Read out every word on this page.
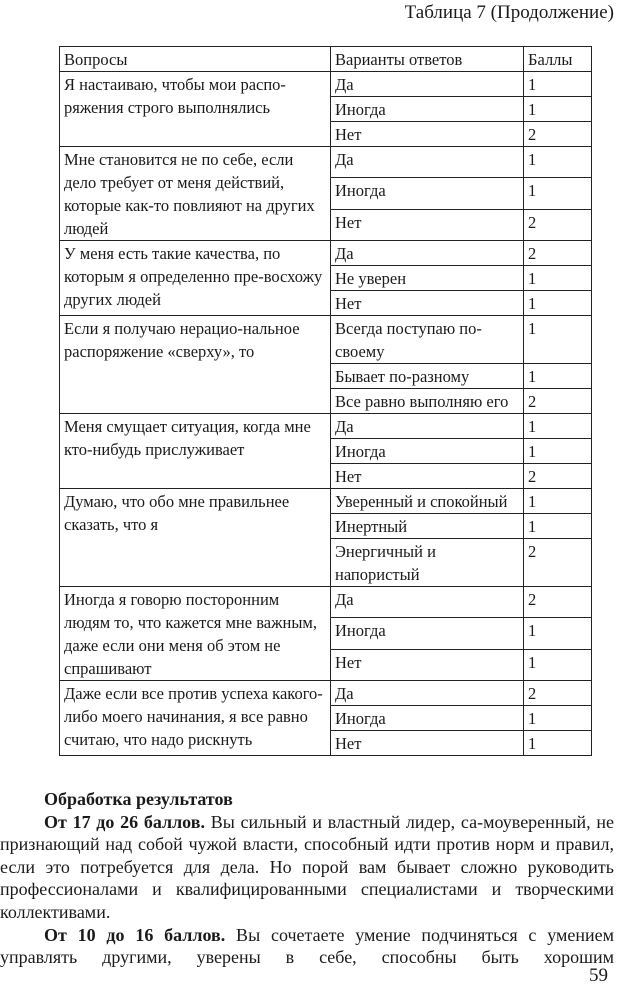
Таблица 7 (Продолжение)
Вопросы	Варианты ответов	Баллы
Я настаиваю, чтобы мои распо-ряжения строго выполнялись	Да	1
	Иногда	1
	Нет	2
Мне становится не по себе, если дело требует от меня действий, которые как-то повлияют на других людей	Да	1
	Иногда	1
	Нет	2
У меня есть такие качества, по которым я определенно пре-восхожу других людей	Да	2
	Не уверен	1
	Нет	1
Если я получаю нерацио-нальное распоряжение «сверху», то	Всегда поступаю по-своему	1
	Бывает по-разному	1
	Все равно выполняю его	2
Меня смущает ситуация, когда мне кто-нибудь прислуживает	Да	1
	Иногда	1
	Нет	2
Думаю, что обо мне правильнее сказать, что я	Уверенный и спокойный	1
	Инертный	1
	Энергичный и напористый	2
Иногда я говорю посторонним людям то, что кажется мне важным, даже если они меня об этом не спрашивают	Да	2
	Иногда	1
	Нет	1
Даже если все против успеха какого-либо моего начинания, я все равно считаю, что надо рискнуть	Да	2
	Иногда	1
	Нет	1
Обработка результатов

От 17 до 26 баллов. Вы сильный и властный лидер, са-моуверенный, не признающий над собой чужой власти, способный идти против норм и правил, если это потребуется для дела. Но порой вам бывает сложно руководить профессионалами и квалифицированными специалистами и творческими коллективами.

От 10 до 16 баллов. Вы сочетаете умение подчиняться с умением управлять другими, уверены в себе, способны быть хорошим

59
